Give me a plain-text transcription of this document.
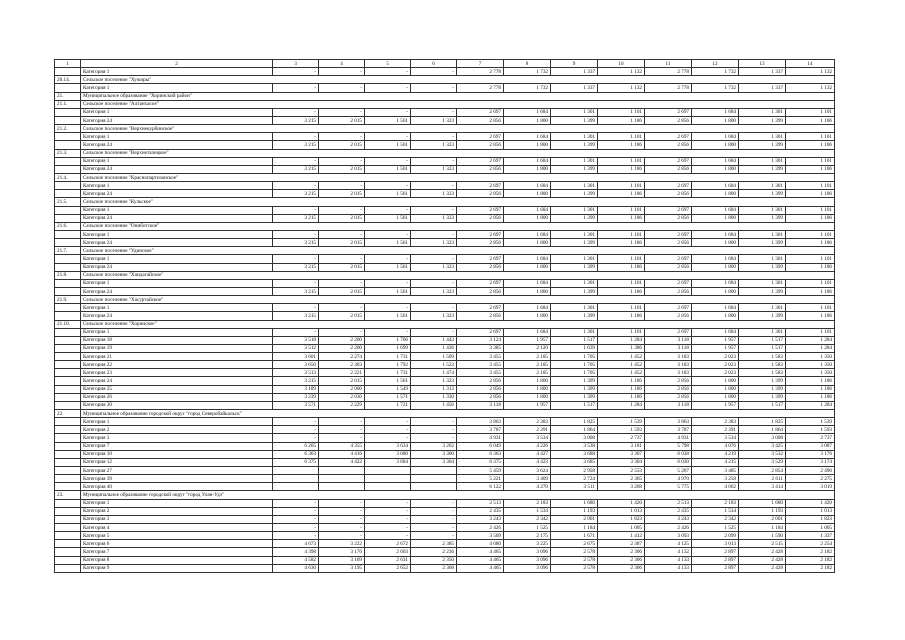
1	2	3	4	5	6	7	8	9	10	11	12	13	14
	Категория 1	-	-	-	-	2 778	1 732	1 337	1 132	2 778	1 732	1 337	1 132
20.14.	Сельское поселение "Хужиры"												
	Категория 1	-	-	-	-	2 778	1 732	1 337	1 132	2 778	1 732	1 337	1 132
21.	Муниципальное образование "Хоринский район"												
21.1.	Сельское поселение "Алтанхасое"												
	Категория 1	-	-	-	-	2 697	1 684	1 301	1 101	2 697	1 684	1 301	1 101
	Категория 24	3 215	2 015	1 561	1 323	2 856	1 800	1 399	1 186	2 856	1 800	1 399	1 186
21.2.	Сельское поселение "Верхнекурбинское"												
	Категория 1	-	-	-	-	2 697	1 684	1 301	1 101	2 697	1 684	1 301	1 101
	Категория 24	3 215	2 015	1 561	1 323	2 856	1 800	1 399	1 186	2 856	1 800	1 399	1 186
21.3.	Сельское поселение "Верхнеталецкое"												
	Категория 1	-	-	-	-	2 697	1 684	1 301	1 101	2 697	1 684	1 301	1 101
	Категория 24	3 215	2 015	1 561	1 323	2 856	1 800	1 399	1 186	2 856	1 800	1 399	1 186
21.4.	Сельское поселение "Краснопартизанское"												
	Категория 1	-	-	-	-	2 697	1 684	1 301	1 101	2 697	1 684	1 301	1 101
	Категория 24	3 215	2 015	1 561	1 323	2 856	1 800	1 399	1 186	2 856	1 800	1 399	1 186
21.5.	Сельское поселение "Кульское"												
	Категория 1	-	-	-	-	2 697	1 684	1 301	1 101	2 697	1 684	1 301	1 101
	Категория 24	3 215	2 015	1 561	1 323	2 856	1 800	1 399	1 186	2 856	1 800	1 399	1 186
21.6.	Сельское поселение "Ониботское"												
	Категория 1	-	-	-	-	2 697	1 684	1 301	1 101	2 697	1 684	1 301	1 101
	Категория 24	3 215	2 015	1 561	1 323	2 856	1 800	1 399	1 186	2 856	1 800	1 399	1 186
21.7.	Сельское поселение "Удинское"												
	Категория 1	-	-	-	-	2 697	1 684	1 301	1 101	2 697	1 684	1 301	1 101
	Категория 24	3 215	2 015	1 561	1 323	2 856	1 800	1 399	1 186	2 856	1 800	1 399	1 186
21.8.	Сельское поселение "Хандагайское"												
	Категория 1	-	-	-	-	2 697	1 684	1 301	1 101	2 697	1 684	1 301	1 101
	Категория 24	3 215	2 015	1 561	1 323	2 856	1 800	1 399	1 186	2 856	1 800	1 399	1 186
21.9.	Сельское поселение "Хасуртайское"												
	Категория 1	-	-	-	-	2 697	1 684	1 301	1 101	2 697	1 684	1 301	1 101
	Категория 24	3 215	2 015	1 561	1 323	2 856	1 800	1 399	1 186	2 856	1 800	1 399	1 186
21.10.	Сельское поселение "Хоринское"												
	Категория 1	-	-	-	-	2 697	1 684	1 301	1 101	2 697	1 684	1 301	1 101
	Категория 18	3 518	2 200	1 706	1 443	3 124	1 957	1 517	1 284	3 118	1 957	1 517	1 284
	Категория 19	3 512	2 200	1 699	1 436	3 385	2 120	1 639	1 386	3 118	1 957	1 517	1 284
	Категория 21	3 601	2 274	1 731	1 509	3 455	2 185	1 705	1 452	3 183	2 023	1 583	1 350
	Категория 22	3 650	2 303	1 792	1 523	3 455	2 185	1 705	1 452	3 183	2 023	1 583	1 350
	Категория 23	3 513	2 221	1 731	1 474	3 455	2 185	1 705	1 452	3 183	2 023	1 583	1 350
	Категория 24	3 215	2 015	1 561	1 323	2 856	1 800	1 399	1 186	2 856	1 800	1 399	1 186
	Категория 25	3 189	2 000	1 549	1 313	2 856	1 800	1 399	1 186	2 856	1 800	1 399	1 186
	Категория 26	3 239	2 030	1 571	1 330	2 856	1 800	1 399	1 186	2 856	1 800	1 399	1 186
	Категория 30	3 571	2 229	1 721	1 456	3 118	1 957	1 517	1 284	3 118	1 957	1 517	1 284
22.	Муниципальное образование городской округ "город Северобайкальск"												
	Категория 1	-	-	-	-	3 863	2 383	1 825	1 539	3 863	2 383	1 825	1 539
	Категория 2	-	-	-	-	3 787	2 391	1 864	1 593	3 787	2 391	1 864	1 593
	Категория 3	-	-	-	-	4 931	3 534	3 008	2 737	4 931	3 534	3 008	2 737
	Категория 7	6 265	4 355	3 634	3 262	6 049	4 226	3 538	3 181	5 798	4 076	3 425	3 087
	Категория 10	6 363	4 416	3 680	3 300	6 363	4 427	3 688	3 307	6 038	4 219	3 532	3 176
	Категория 12	6 375	4 422	3 684	3 304	6 375	4 423	3 685	3 304	6 030	4 215	3 529	3 174
	Категория 27					5 459	3 624	2 958	2 553	5 207	3 485	2 854	2 496
	Категория 39					5 221	3 409	2 724	2 365	4 970	3 258	2 611	2 275
	Категория 40					6 122	4 270	3 511	3 208	5 775	4 062	3 414	3 019
23.	Муниципальное образование городской округ "город Улан-Удэ"												
	Категория 1	-	-	-	-	2 513	2 183	1 680	1 420	2 513	2 183	1 680	1 420
	Категория 2	-	-	-	-	2 435	1 534	1 193	1 013	2 435	1 534	1 193	1 013
	Категория 3	-	-	-	-	3 243	2 342	2 001	1 823	3 243	2 342	2 001	1 823
	Категория 4	-	-	-	-	2 426	1 525	1 184	1 005	2 426	1 525	1 184	1 005
	Категория 5	-	-	-	-	3 509	2 175	1 671	1 412	3 093	2 099	1 590	1 337
	Категория 6	4 673	3 222	2 672	2 385	4 680	3 225	2 675	2 387	4 125	3 013	2 515	2 254
	Категория 7	4 398	3 176	2 603	2 236	4 465	3 096	2 578	2 306	4 132	2 897	2 428	2 182
	Категория 8	4 582	3 169	2 631	2 350	4 465	3 096	2 578	2 306	4 133	2 897	2 428	2 182
	Категория 9	4 630	3 195	2 652	2 368	4 465	3 096	2 578	2 306	4 133	2 897	2 428	2 182
